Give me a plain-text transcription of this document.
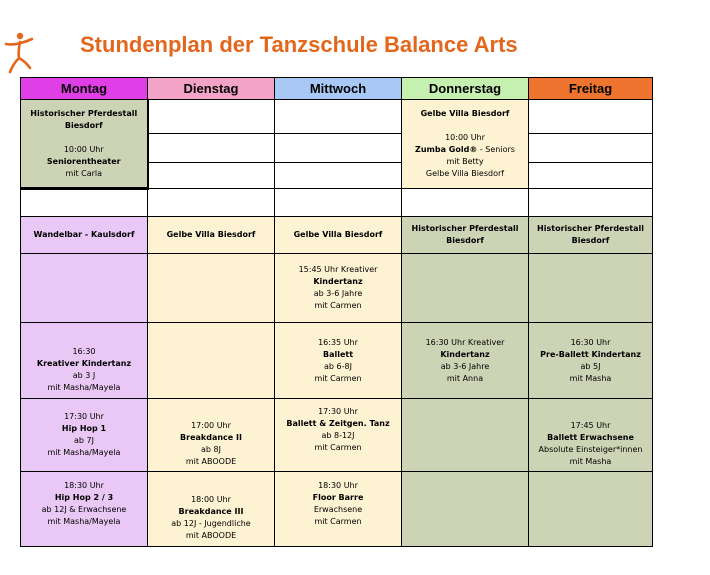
Stundenplan der Tanzschule Balance Arts
Montag	Dienstag	Mittwoch	Donnerstag	Freitag

Historischer Pferdestall Biesdorf
10:00 Uhr
Seniorentheater
mit Carla			Gelbe Villa Biesdorf
10:00 Uhr
Zumba Gold® - Seniors
mit Betty
Gelbe Villa Biesdorf	

Wandelbar - Kaulsdorf	Gelbe Villa Biesdorf	Gelbe Villa Biesdorf	Historischer Pferdestall Biesdorf	Historischer Pferdestall Biesdorf

		15:45 Uhr Kreativer
Kindertanz
ab 3-6 Jahre
mit Carmen		

16:30
Kreativer Kindertanz
ab 3 J
mit Masha/Mayela		16:35 Uhr
Ballett
ab 6-8J
mit Carmen	16:30 Uhr Kreativer
Kindertanz
ab 3-6 Jahre
mit Anna	16:30 Uhr
Pre-Ballett Kindertanz
ab 5J
mit Masha

17:30 Uhr
Hip Hop 1
ab 7J
mit Masha/Mayela	17:00 Uhr
Breakdance II
ab 8J
mit ABOODE	17:30 Uhr
Ballett & Zeitgen. Tanz
ab 8-12J
mit Carmen		17:45 Uhr
Ballett Erwachsene
Absolute Einsteiger*innen
mit Masha

18:30 Uhr
Hip Hop 2 / 3
ab 12J & Erwachsene
mit Masha/Mayela	18:00 Uhr
Breakdance III
ab 12J - Jugendliche
mit ABOODE	18:30 Uhr
Floor Barre
Erwachsene
mit Carmen		
